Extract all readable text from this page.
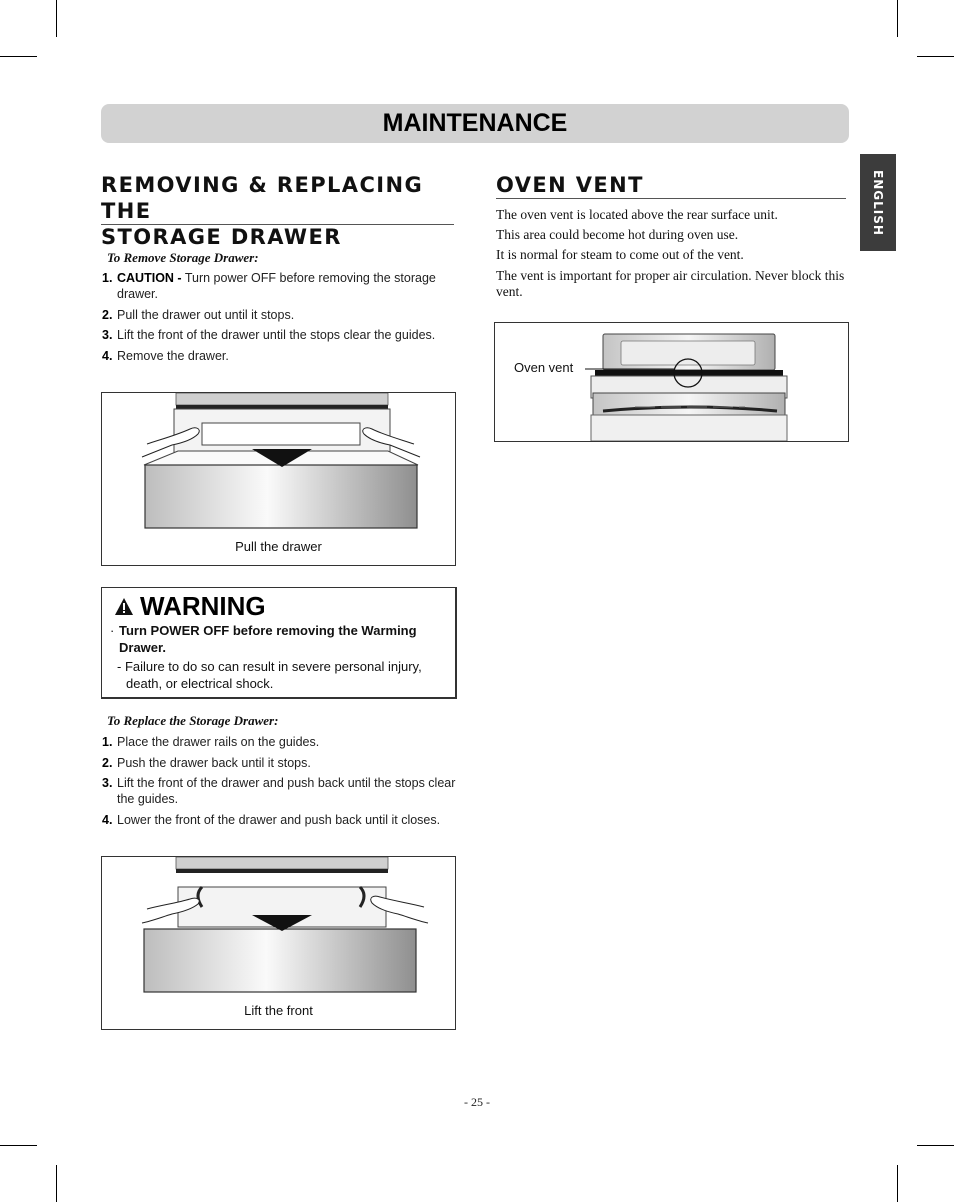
MAINTENANCE
ENGLISH
REMOVING & REPLACING THE
STORAGE DRAWER
To Remove Storage Drawer:
1. CAUTION - Turn power OFF before removing the storage drawer.
2. Pull the drawer out until it stops.
3. Lift the front of the drawer until the stops clear the guides.
4. Remove the drawer.
Pull the drawer
WARNING
· Turn POWER OFF before removing the Warming Drawer.
- Failure to do so can result in severe personal injury, death, or electrical shock.
To Replace the Storage Drawer:
1. Place the drawer rails on the guides.
2. Push the drawer back until it stops.
3. Lift the front of the drawer and push back until the stops clear the guides.
4. Lower the front of the drawer and push back until it closes.
Lift the front
OVEN VENT

The oven vent is located above the rear surface unit.

This area could become hot during oven use.

It is normal for steam to come out of the vent.

The vent is important for proper air circulation. Never block this vent.

Oven vent
- 25 -
